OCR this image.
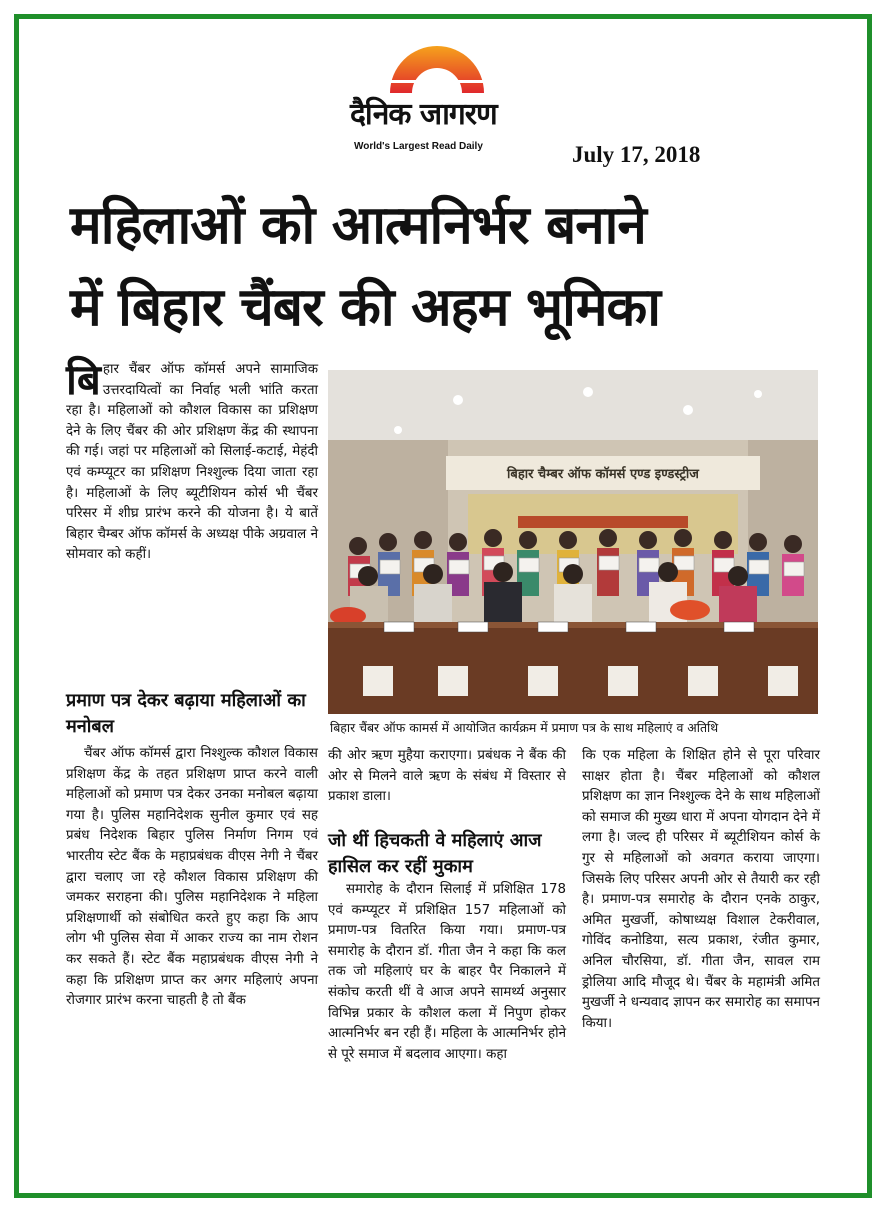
दैनिक जागरण
World's Largest Read Daily	July 17, 2018
महिलाओं को आत्मनिर्भर बनाने
में बिहार चैंबर की अहम भूमिका
बिहार चैंबर ऑफ कॉमर्स अपने सामाजिक उत्तरदायित्वों का निर्वाह भली भांति करता रहा है। महिलाओं को कौशल विकास का प्रशिक्षण देने के लिए चैंबर की ओर प्रशिक्षण केंद्र की स्थापना की गई। जहां पर महिलाओं को सिलाई-कटाई, मेहंदी एवं कम्प्यूटर का प्रशिक्षण निश्शुल्क दिया जाता रहा है। महिलाओं के लिए ब्यूटीशियन कोर्स भी चैंबर परिसर में शीघ्र प्रारंभ करने की योजना है। ये बातें बिहार चैम्बर ऑफ कॉमर्स के अध्यक्ष पीके अग्रवाल ने सोमवार को कहीं।
बिहार चैम्बर ऑफ कॉमर्स एण्ड इण्डस्ट्रीज
बिहार चैंबर ऑफ कामर्स में आयोजित कार्यक्रम में प्रमाण पत्र के साथ महिलाएं व अतिथि
प्रमाण पत्र देकर बढ़ाया महिलाओं का मनोबल
चैंबर ऑफ कॉमर्स द्वारा निश्शुल्क कौशल विकास प्रशिक्षण केंद्र के तहत प्रशिक्षण प्राप्त करने वाली महिलाओं को प्रमाण पत्र देकर उनका मनोबल बढ़ाया गया है। पुलिस महानिदेशक सुनील कुमार एवं सह प्रबंध निदेशक बिहार पुलिस निर्माण निगम एवं भारतीय स्टेट बैंक के महाप्रबंधक वीएस नेगी ने चैंबर द्वारा चलाए जा रहे कौशल विकास प्रशिक्षण की जमकर सराहना की। पुलिस महानिदेशक ने महिला प्रशिक्षणार्थी को संबोधित करते हुए कहा कि आप लोग भी पुलिस सेवा में आकर राज्य का नाम रोशन कर सकते हैं। स्टेट बैंक महाप्रबंधक वीएस नेगी ने कहा कि प्रशिक्षण प्राप्त कर अगर महिलाएं अपना रोजगार प्रारंभ करना चाहती है तो बैंक
की ओर ऋण मुहैया कराएगा। प्रबंधक ने बैंक की ओर से मिलने वाले ऋण के संबंध में विस्तार से प्रकाश डाला।
जो थीं हिचकती वे महिलाएं आज हासिल कर रहीं मुकाम
समारोह के दौरान सिलाई में प्रशिक्षित 178 एवं कम्प्यूटर में प्रशिक्षित 157 महिलाओं को प्रमाण-पत्र वितरित किया गया। प्रमाण-पत्र समारोह के दौरान डॉ. गीता जैन ने कहा कि कल तक जो महिलाएं घर के बाहर पैर निकालने में संकोच करती थीं वे आज अपने सामर्थ्य अनुसार विभिन्न प्रकार के कौशल कला में निपुण होकर आत्मनिर्भर बन रही हैं। महिला के आत्मनिर्भर होने से पूरे समाज में बदलाव आएगा। कहा
कि एक महिला के शिक्षित होने से पूरा परिवार साक्षर होता है। चैंबर महिलाओं को कौशल प्रशिक्षण का ज्ञान निश्शुल्क देने के साथ महिलाओं को समाज की मुख्य धारा में अपना योगदान देने में लगा है। जल्द ही परिसर में ब्यूटीशियन कोर्स के गुर से महिलाओं को अवगत कराया जाएगा। जिसके लिए परिसर अपनी ओर से तैयारी कर रही है। प्रमाण-पत्र समारोह के दौरान एनके ठाकुर, अमित मुखर्जी, कोषाध्यक्ष विशाल टेकरीवाल, गोविंद कनोडिया, सत्य प्रकाश, रंजीत कुमार, अनिल चौरसिया, डॉ. गीता जैन, सावल राम ड्रोलिया आदि मौजूद थे। चैंबर के महामंत्री अमित मुखर्जी ने धन्यवाद ज्ञापन कर समारोह का समापन किया।
